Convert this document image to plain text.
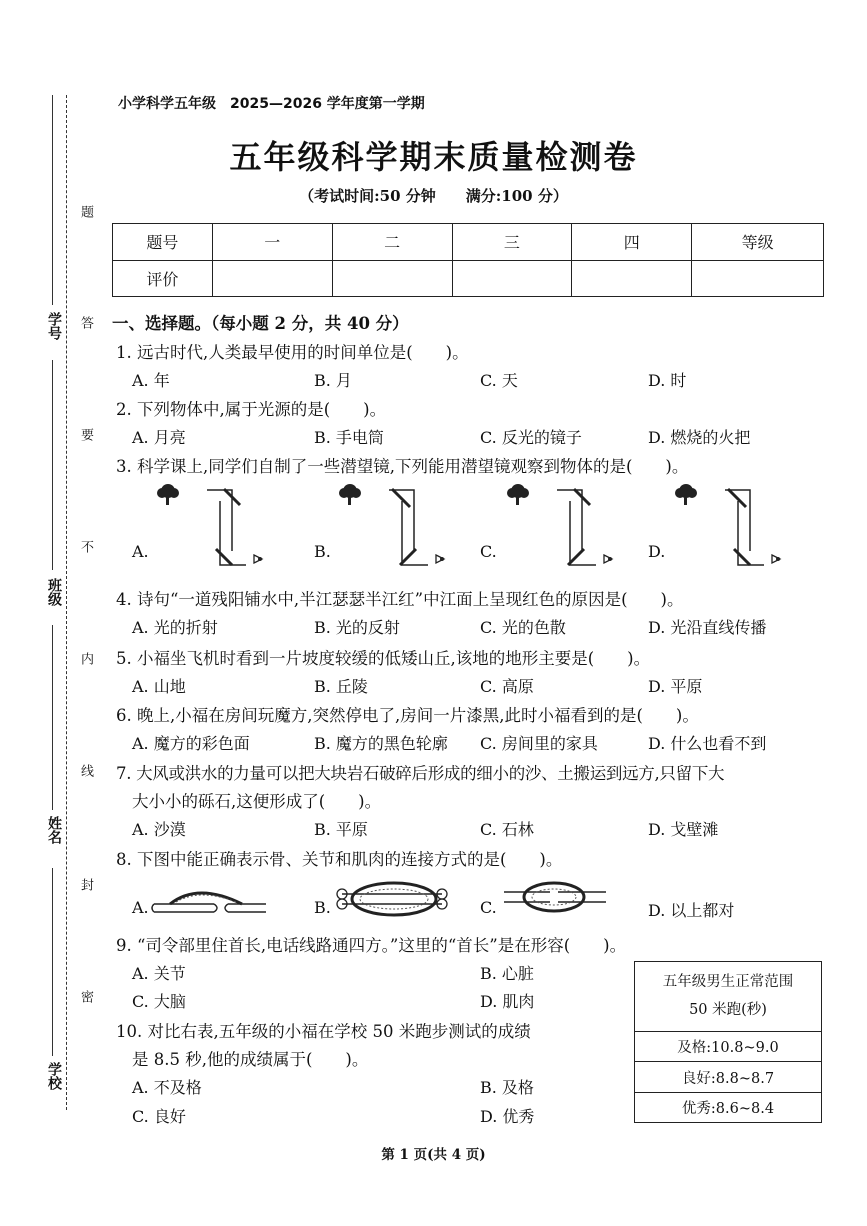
学号
班级
姓名
学校
题
答
要
不
内
线
封
密
小学科学五年级　2025—2026 学年度第一学期
五年级科学期末质量检测卷
（考试时间:50 分钟　　满分:100 分）
题号	一	二	三	四	等级
评价					
一、选择题。（每小题 2 分，共 40 分）
1. 远古时代,人类最早使用的时间单位是(　　)。
A. 年	B. 月	C. 天	D. 时
2. 下列物体中,属于光源的是(　　)。
A. 月亮	B. 手电筒	C. 反光的镜子	D. 燃烧的火把
3. 科学课上,同学们自制了一些潜望镜,下列能用潜望镜观察到物体的是(　　)。
A.	B.	C.	D.
4. 诗句“一道残阳铺水中,半江瑟瑟半江红”中江面上呈现红色的原因是(　　)。
A. 光的折射	B. 光的反射	C. 光的色散	D. 光沿直线传播
5. 小福坐飞机时看到一片坡度较缓的低矮山丘,该地的地形主要是(　　)。
A. 山地	B. 丘陵	C. 高原	D. 平原
6. 晚上,小福在房间玩魔方,突然停电了,房间一片漆黑,此时小福看到的是(　　)。
A. 魔方的彩色面	B. 魔方的黑色轮廓 C. 房间里的家具	D. 什么也看不到
7. 大风或洪水的力量可以把大块岩石破碎后形成的细小的沙、土搬运到远方,只留下大
大小小的砾石,这便形成了(　　)。
A. 沙漠	B. 平原	C. 石林	D. 戈壁滩
8. 下图中能正确表示骨、关节和肌肉的连接方式的是(　　)。
A.	B.	C.	D. 以上都对
9. “司令部里住首长,电话线路通四方。”这里的“首长”是在形容(　　)。
A. 关节	B. 心脏
C. 大脑	D. 肌肉
10. 对比右表,五年级的小福在学校 50 米跑步测试的成绩
是 8.5 秒,他的成绩属于(　　)。
A. 不及格	B. 及格
C. 良好	D. 优秀
五年级男生正常范围
50 米跑(秒)

及格:10.8~9.0
良好:8.8~8.7
优秀:8.6~8.4
第 1 页(共 4 页)
